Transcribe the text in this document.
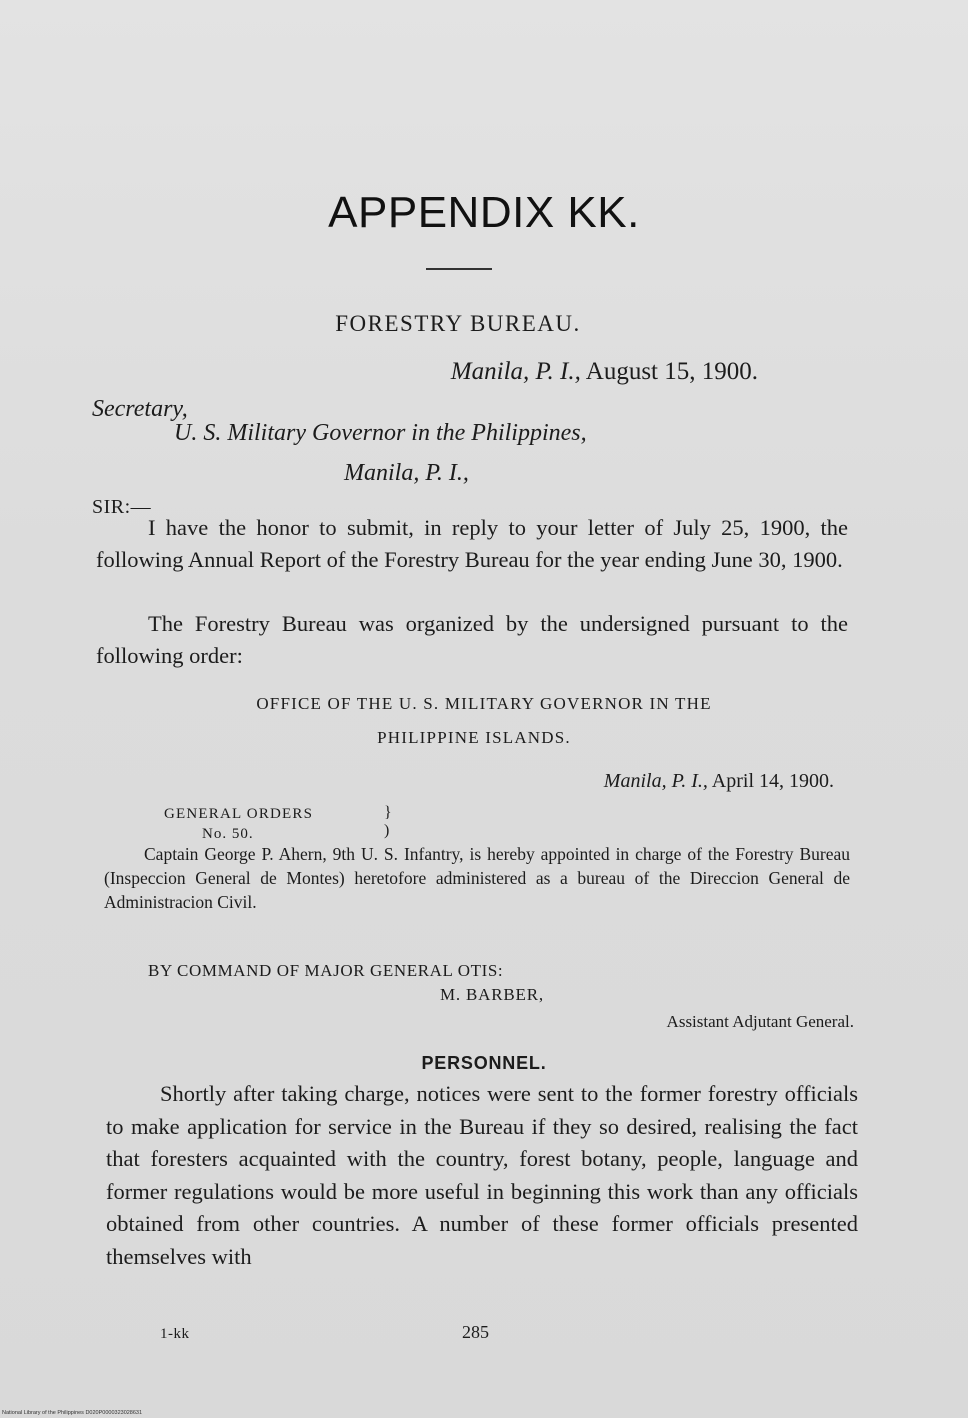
APPENDIX KK.
FORESTRY BUREAU.
Manila, P. I., August 15, 1900.
Secretary,
U. S. Military Governor in the Philippines,
Manila, P. I.,
SIR:—
I have the honor to submit, in reply to your letter of July 25, 1900, the following Annual Report of the Forestry Bureau for the year ending June 30, 1900.
The Forestry Bureau was organized by the undersigned pursuant to the following order:
OFFICE OF THE U. S. MILITARY GOVERNOR IN THE
PHILIPPINE ISLANDS.
Manila, P. I., April 14, 1900.
GENERAL ORDERS
No. 50.
}
)
Captain George P. Ahern, 9th U. S. Infantry, is hereby appointed in charge of the Forestry Bureau (Inspeccion General de Montes) heretofore administered as a bureau of the Direccion General de Administracion Civil.
BY COMMAND OF MAJOR GENERAL OTIS:
M. BARBER,
Assistant Adjutant General.
PERSONNEL.
Shortly after taking charge, notices were sent to the former forestry officials to make application for service in the Bureau if they so desired, realising the fact that foresters acquainted with the country, forest botany, people, language and former regulations would be more useful in beginning this work than any officials obtained from other countries. A number of these former officials presented themselves with
1-kk	285
National Library of the Philippines D020P0000323028631
